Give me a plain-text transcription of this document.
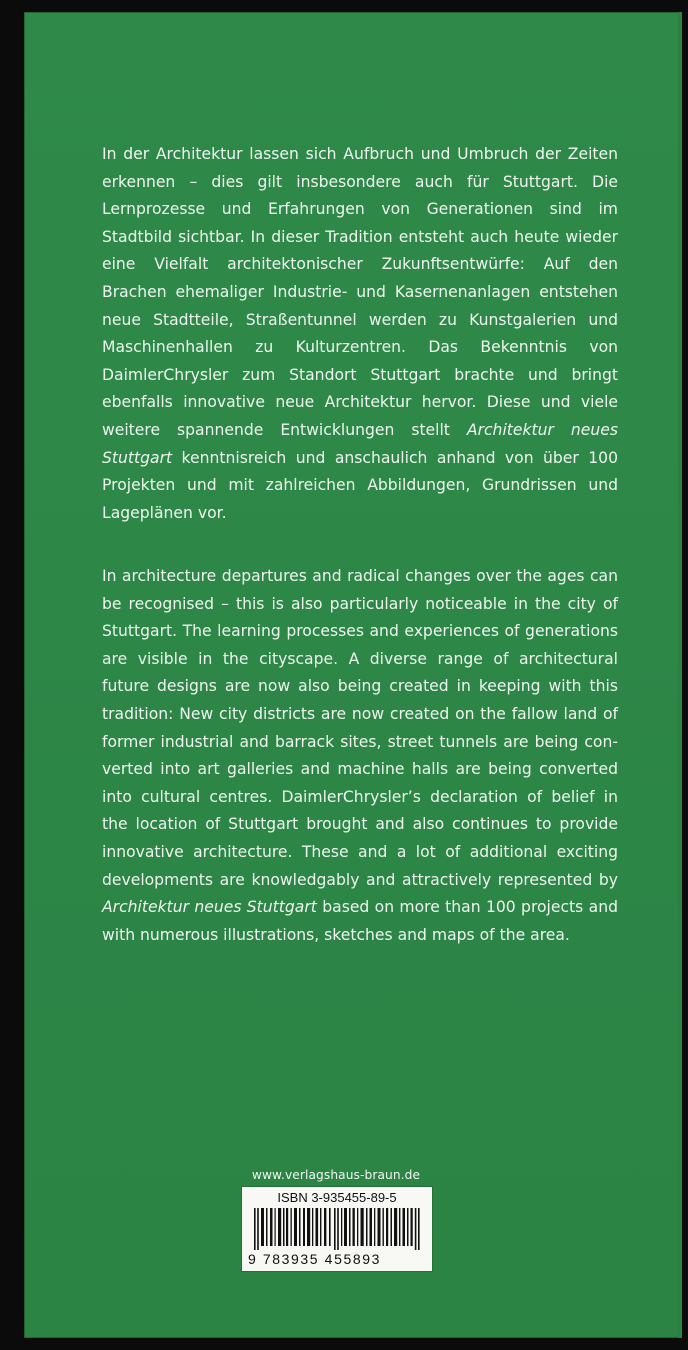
In der Architektur lassen sich Aufbruch und Umbruch der Zeiten erkennen – dies gilt insbesondere auch für Stuttgart. Die Lernprozesse und Erfahrungen von Generationen sind im Stadtbild sichtbar. In dieser Tradition entsteht auch heute wieder eine Vielfalt architektonischer Zukunftsentwürfe: Auf den Brachen ehemaliger Industrie- und Kasernenanlagen entstehen neue Stadtteile, Straßentunnel werden zu Kunstgalerien und Maschinenhallen zu Kulturzentren. Das Bekenntnis von DaimlerChrysler zum Standort Stuttgart brachte und bringt ebenfalls innovative neue Architektur hervor. Diese und viele weitere spannende Entwicklungen stellt Architektur neues Stuttgart kenntnisreich und anschaulich anhand von über 100 Projekten und mit zahlreichen Abbildungen, Grundrissen und Lageplänen vor.

In architecture departures and radical changes over the ages can be recognised – this is also particularly noticeable in the city of Stuttgart. The learning processes and experiences of generations are visible in the cityscape. A diverse range of architectural future designs are now also being created in keeping with this tradition: New city districts are now created on the fallow land of former industrial and barrack sites, street tunnels are being converted into art galleries and machine halls are being converted into cultural centres. DaimlerChrysler’s declaration of belief in the location of Stuttgart brought and also continues to provide innovative architecture. These and a lot of additional exciting developments are knowledgably and attractively represented by Architektur neues Stuttgart based on more than 100 projects and with numerous illustrations, sketches and maps of the area.

www.verlagshaus-braun.de
ISBN 3-935455-89-5
9 783935 455893
